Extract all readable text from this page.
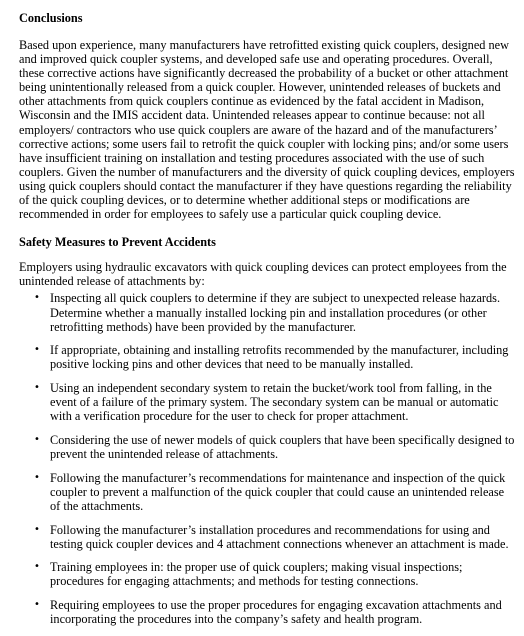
Conclusions

Based upon experience, many manufacturers have retrofitted existing quick couplers, designed new and improved quick coupler systems, and developed safe use and operating procedures. Overall, these corrective actions have significantly decreased the probability of a bucket or other attachment being unintentionally released from a quick coupler. However, unintended releases of buckets and other attachments from quick couplers continue as evidenced by the fatal accident in Madison, Wisconsin and the IMIS accident data. Unintended releases appear to continue because: not all employers/ contractors who use quick couplers are aware of the hazard and of the manufacturers’ corrective actions; some users fail to retrofit the quick coupler with locking pins; and/or some users have insufficient training on installation and testing procedures associated with the use of such couplers. Given the number of manufacturers and the diversity of quick coupling devices, employers using quick couplers should contact the manufacturer if they have questions regarding the reliability of the quick coupling devices, or to determine whether additional steps or modifications are recommended in order for employees to safely use a particular quick coupling device.

Safety Measures to Prevent Accidents

Employers using hydraulic excavators with quick coupling devices can protect employees from the unintended release of attachments by:

• Inspecting all quick couplers to determine if they are subject to unexpected release hazards. Determine whether a manually installed locking pin and installation procedures (or other retrofitting methods) have been provided by the manufacturer.
• If appropriate, obtaining and installing retrofits recommended by the manufacturer, including positive locking pins and other devices that need to be manually installed.
• Using an independent secondary system to retain the bucket/work tool from falling, in the event of a failure of the primary system. The secondary system can be manual or automatic with a verification procedure for the user to check for proper attachment.
• Considering the use of newer models of quick couplers that have been specifically designed to prevent the unintended release of attachments.
• Following the manufacturer’s recommendations for maintenance and inspection of the quick coupler to prevent a malfunction of the quick coupler that could cause an unintended release of the attachments.
• Following the manufacturer’s installation procedures and recommendations for using and testing quick coupler devices and 4 attachment connections whenever an attachment is made.
• Training employees in: the proper use of quick couplers; making visual inspections; procedures for engaging attachments; and methods for testing connections.
• Requiring employees to use the proper procedures for engaging excavation attachments and incorporating the procedures into the company’s safety and health program.
